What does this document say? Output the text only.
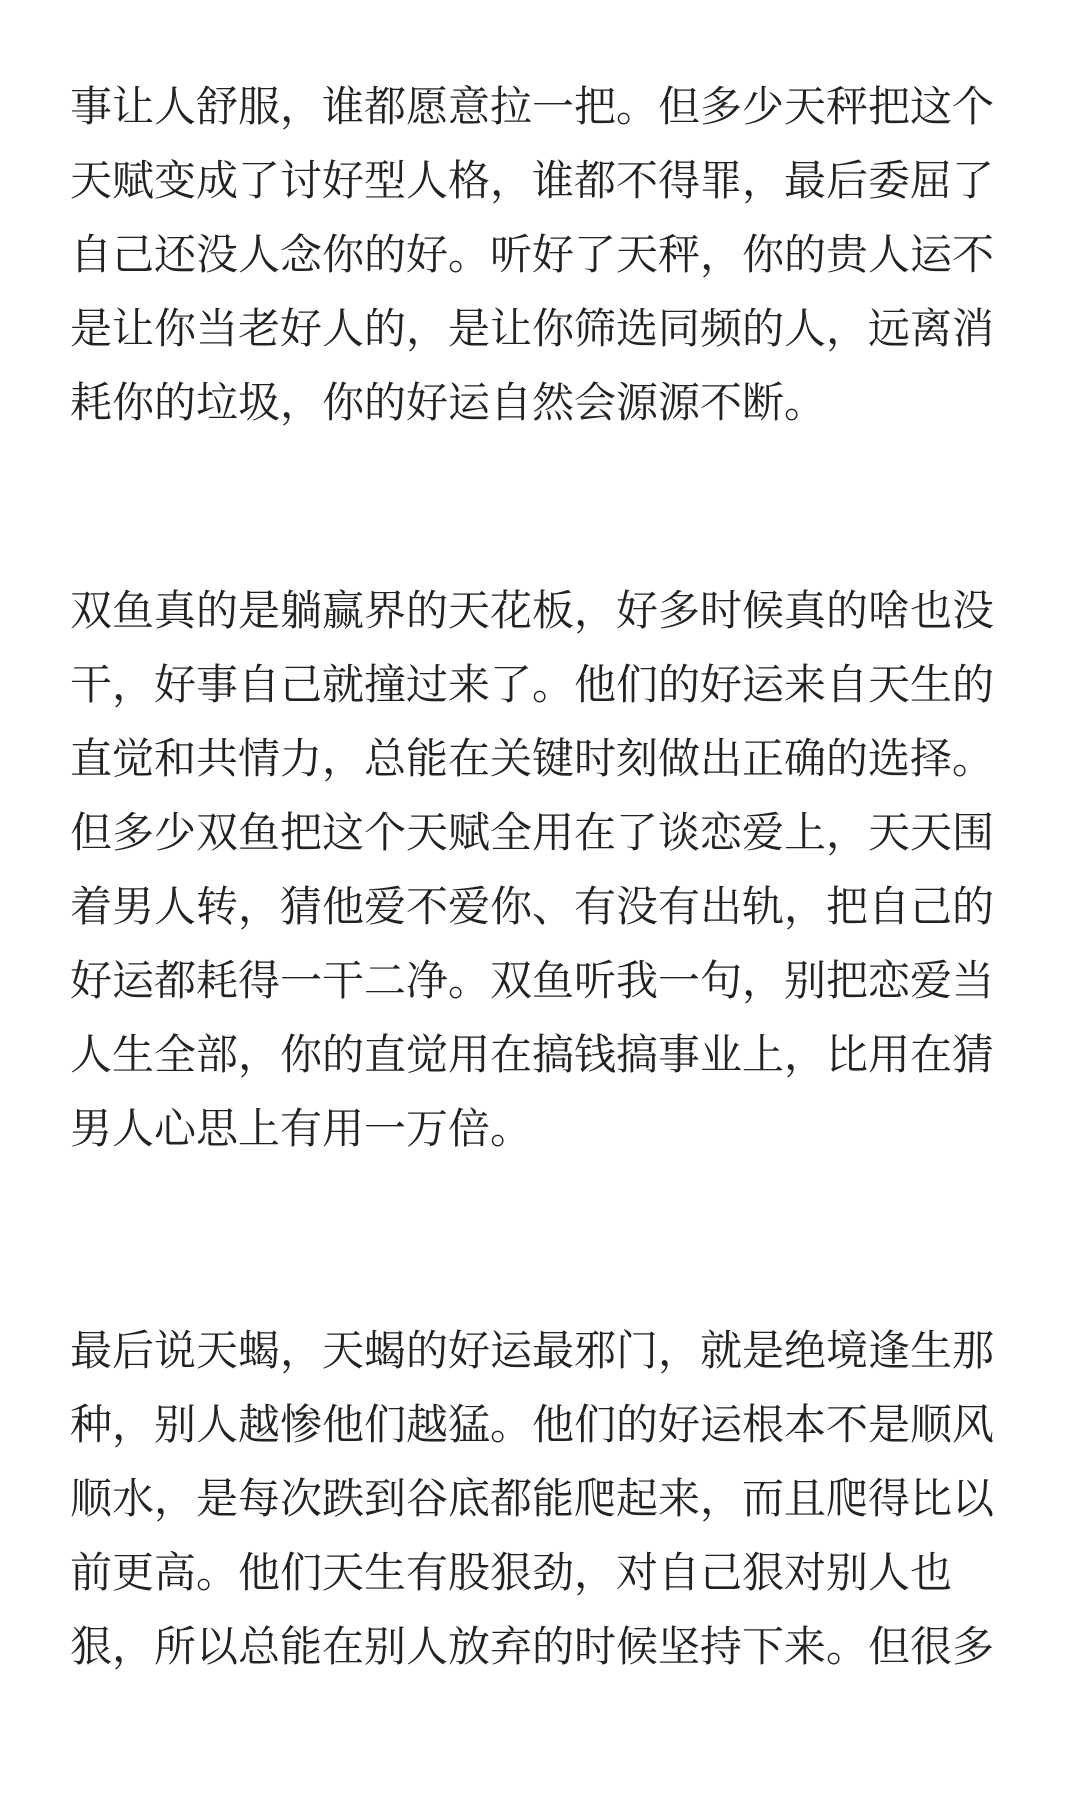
事让人舒服，谁都愿意拉一把。但多少天秤把这个
天赋变成了讨好型人格，谁都不得罪，最后委屈了
自己还没人念你的好。听好了天秤，你的贵人运不
是让你当老好人的，是让你筛选同频的人，远离消
耗你的垃圾，你的好运自然会源源不断。
双鱼真的是躺赢界的天花板，好多时候真的啥也没
干，好事自己就撞过来了。他们的好运来自天生的
直觉和共情力，总能在关键时刻做出正确的选择。
但多少双鱼把这个天赋全用在了谈恋爱上，天天围
着男人转，猜他爱不爱你、有没有出轨，把自己的
好运都耗得一干二净。双鱼听我一句，别把恋爱当
人生全部，你的直觉用在搞钱搞事业上，比用在猜
男人心思上有用一万倍。
最后说天蝎，天蝎的好运最邪门，就是绝境逢生那
种，别人越惨他们越猛。他们的好运根本不是顺风
顺水，是每次跌到谷底都能爬起来，而且爬得比以
前更高。他们天生有股狠劲，对自己狠对别人也
狠，所以总能在别人放弃的时候坚持下来。但很多
